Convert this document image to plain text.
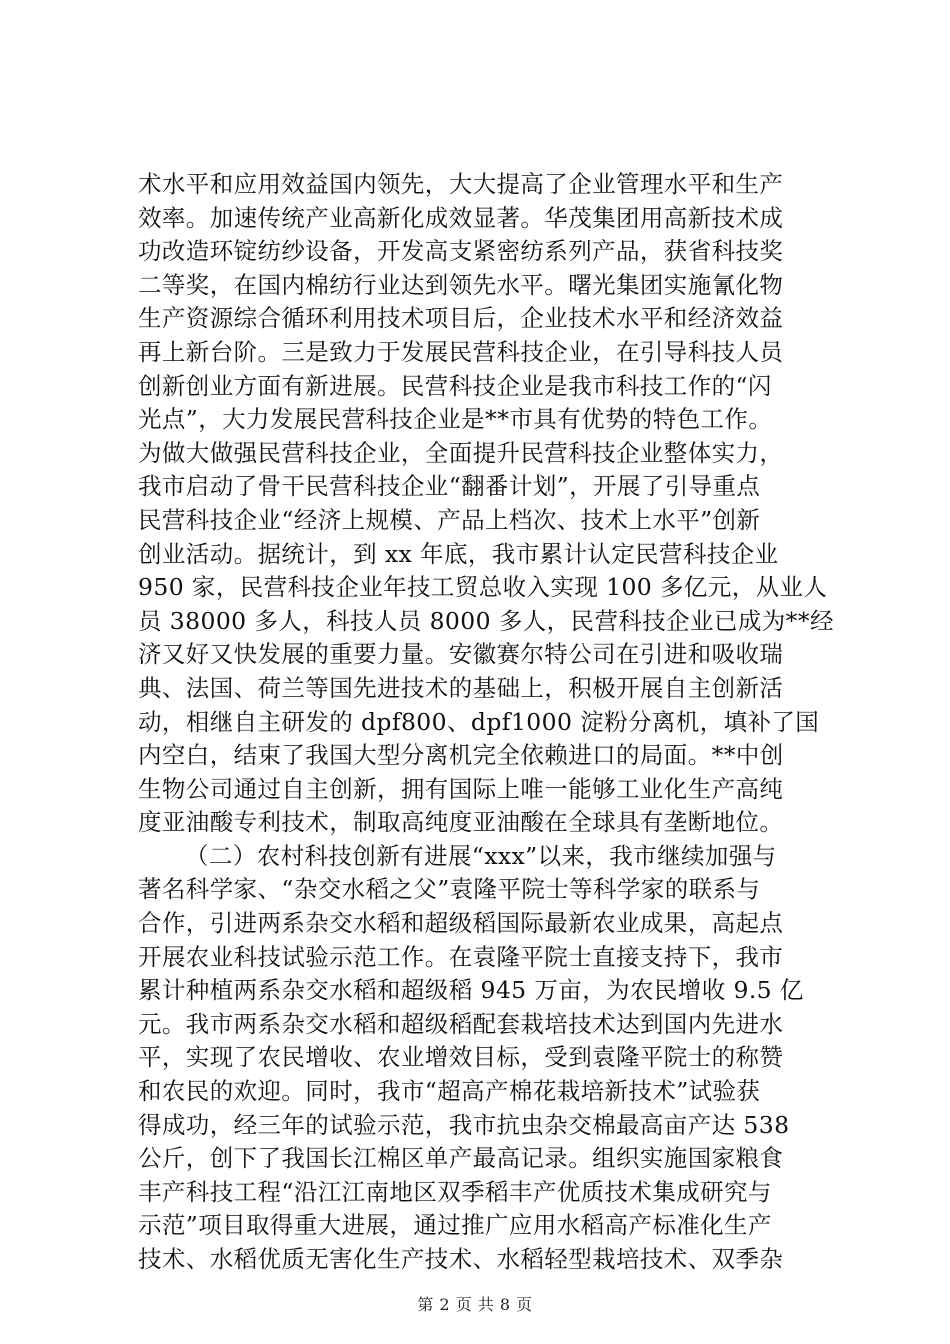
术水平和应用效益国内领先，大大提高了企业管理水平和生产
效率。加速传统产业高新化成效显著。华茂集团用高新技术成
功改造环锭纺纱设备，开发高支紧密纺系列产品，获省科技奖
二等奖，在国内棉纺行业达到领先水平。曙光集团实施氰化物
生产资源综合循环利用技术项目后，企业技术水平和经济效益
再上新台阶。三是致力于发展民营科技企业，在引导科技人员
创新创业方面有新进展。民营科技企业是我市科技工作的“闪
光点”，大力发展民营科技企业是**市具有优势的特色工作。
为做大做强民营科技企业，全面提升民营科技企业整体实力，
我市启动了骨干民营科技企业“翻番计划”，开展了引导重点
民营科技企业“经济上规模、产品上档次、技术上水平”创新
创业活动。据统计，到 xx 年底，我市累计认定民营科技企业
950 家，民营科技企业年技工贸总收入实现 100 多亿元，从业人
员 38000 多人，科技人员 8000 多人，民营科技企业已成为**经
济又好又快发展的重要力量。安徽赛尔特公司在引进和吸收瑞
典、法国、荷兰等国先进技术的基础上，积极开展自主创新活
动，相继自主研发的 dpf800、dpf1000 淀粉分离机，填补了国
内空白，结束了我国大型分离机完全依赖进口的局面。**中创
生物公司通过自主创新，拥有国际上唯一能够工业化生产高纯
度亚油酸专利技术，制取高纯度亚油酸在全球具有垄断地位。
（二）农村科技创新有进展“xxx”以来，我市继续加强与
著名科学家、“杂交水稻之父”袁隆平院士等科学家的联系与
合作，引进两系杂交水稻和超级稻国际最新农业成果，高起点
开展农业科技试验示范工作。在袁隆平院士直接支持下，我市
累计种植两系杂交水稻和超级稻 945 万亩，为农民增收 9.5 亿
元。我市两系杂交水稻和超级稻配套栽培技术达到国内先进水
平，实现了农民增收、农业增效目标，受到袁隆平院士的称赞
和农民的欢迎。同时，我市“超高产棉花栽培新技术”试验获
得成功，经三年的试验示范，我市抗虫杂交棉最高亩产达 538
公斤，创下了我国长江棉区单产最高记录。组织实施国家粮食
丰产科技工程“沿江江南地区双季稻丰产优质技术集成研究与
示范”项目取得重大进展，通过推广应用水稻高产标准化生产
技术、水稻优质无害化生产技术、水稻轻型栽培技术、双季杂
第 2 页 共 8 页
